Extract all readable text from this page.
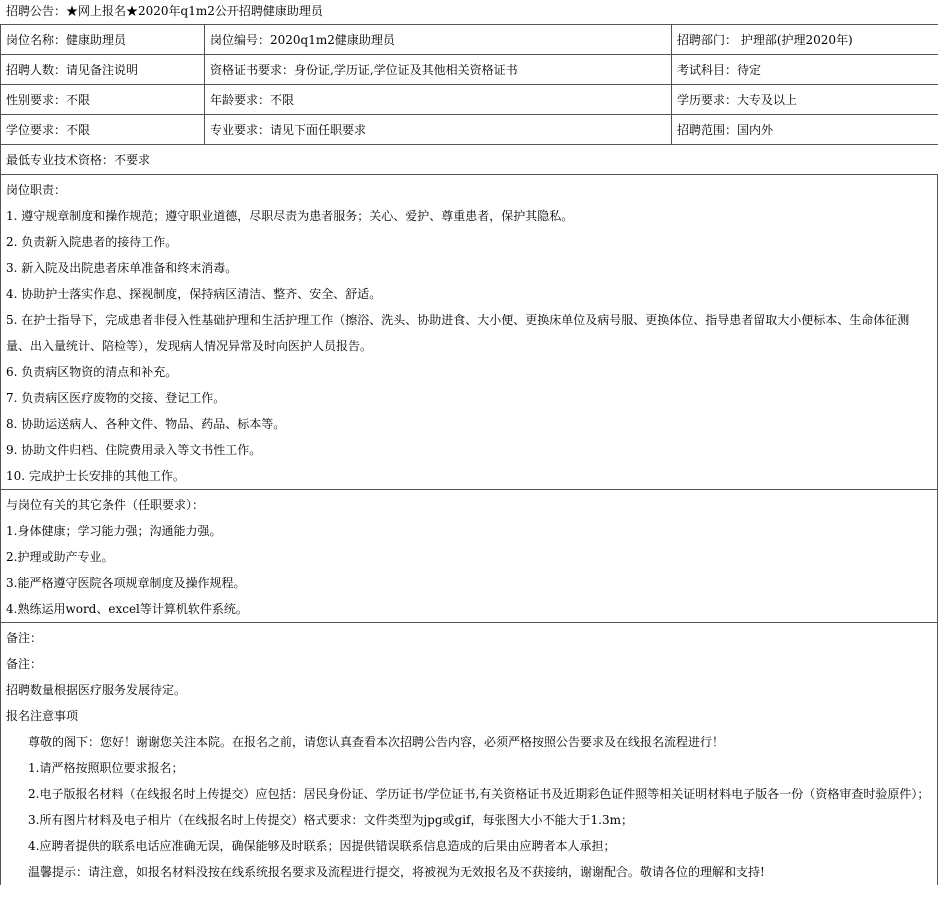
招聘公告：★网上报名★2020年q1m2公开招聘健康助理员
岗位名称：健康助理员	岗位编号：2020q1m2健康助理员	招聘部门： 护理部(护理2020年)
招聘人数：请见备注说明	资格证书要求：身份证,学历证,学位证及其他相关资格证书	考试科目：待定
性别要求：不限	年龄要求：不限	学历要求：大专及以上
学位要求：不限	专业要求：请见下面任职要求	招聘范围：国内外
最低专业技术资格：不要求		

岗位职责：

1. 遵守规章制度和操作规范；遵守职业道德，尽职尽责为患者服务；关心、爱护、尊重患者，保护其隐私。

2. 负责新入院患者的接待工作。

3. 新入院及出院患者床单准备和终末消毒。

4. 协助护士落实作息、探视制度，保持病区清洁、整齐、安全、舒适。

5. 在护士指导下，完成患者非侵入性基础护理和生活护理工作（擦浴、洗头、协助进食、大小便、更换床单位及病号服、更换体位、指导患者留取大小便标本、生命体征测量、出入量统计、陪检等），发现病人情况异常及时向医护人员报告。

6. 负责病区物资的清点和补充。

7. 负责病区医疗废物的交接、登记工作。

8. 协助运送病人、各种文件、物品、药品、标本等。

9. 协助文件归档、住院费用录入等文书性工作。

10. 完成护士长安排的其他工作。

与岗位有关的其它条件（任职要求）：

1.身体健康；学习能力强；沟通能力强。

2.护理或助产专业。

3.能严格遵守医院各项规章制度及操作规程。

4.熟练运用word、excel等计算机软件系统。

备注：

备注：

招聘数量根据医疗服务发展待定。

报名注意事项

尊敬的阁下：您好！谢谢您关注本院。在报名之前，请您认真查看本次招聘公告内容，必须严格按照公告要求及在线报名流程进行！

1.请严格按照职位要求报名；

2.电子版报名材料（在线报名时上传提交）应包括：居民身份证、学历证书/学位证书,有关资格证书及近期彩色证件照等相关证明材料电子版各一份（资格审查时验原件）；

3.所有图片材料及电子相片（在线报名时上传提交）格式要求：文件类型为jpg或gif，每张图大小不能大于1.3m；

4.应聘者提供的联系电话应准确无误，确保能够及时联系；因提供错误联系信息造成的后果由应聘者本人承担；

温馨提示：请注意，如报名材料没按在线系统报名要求及流程进行提交，将被视为无效报名及不获接纳，谢谢配合。敬请各位的理解和支持!
